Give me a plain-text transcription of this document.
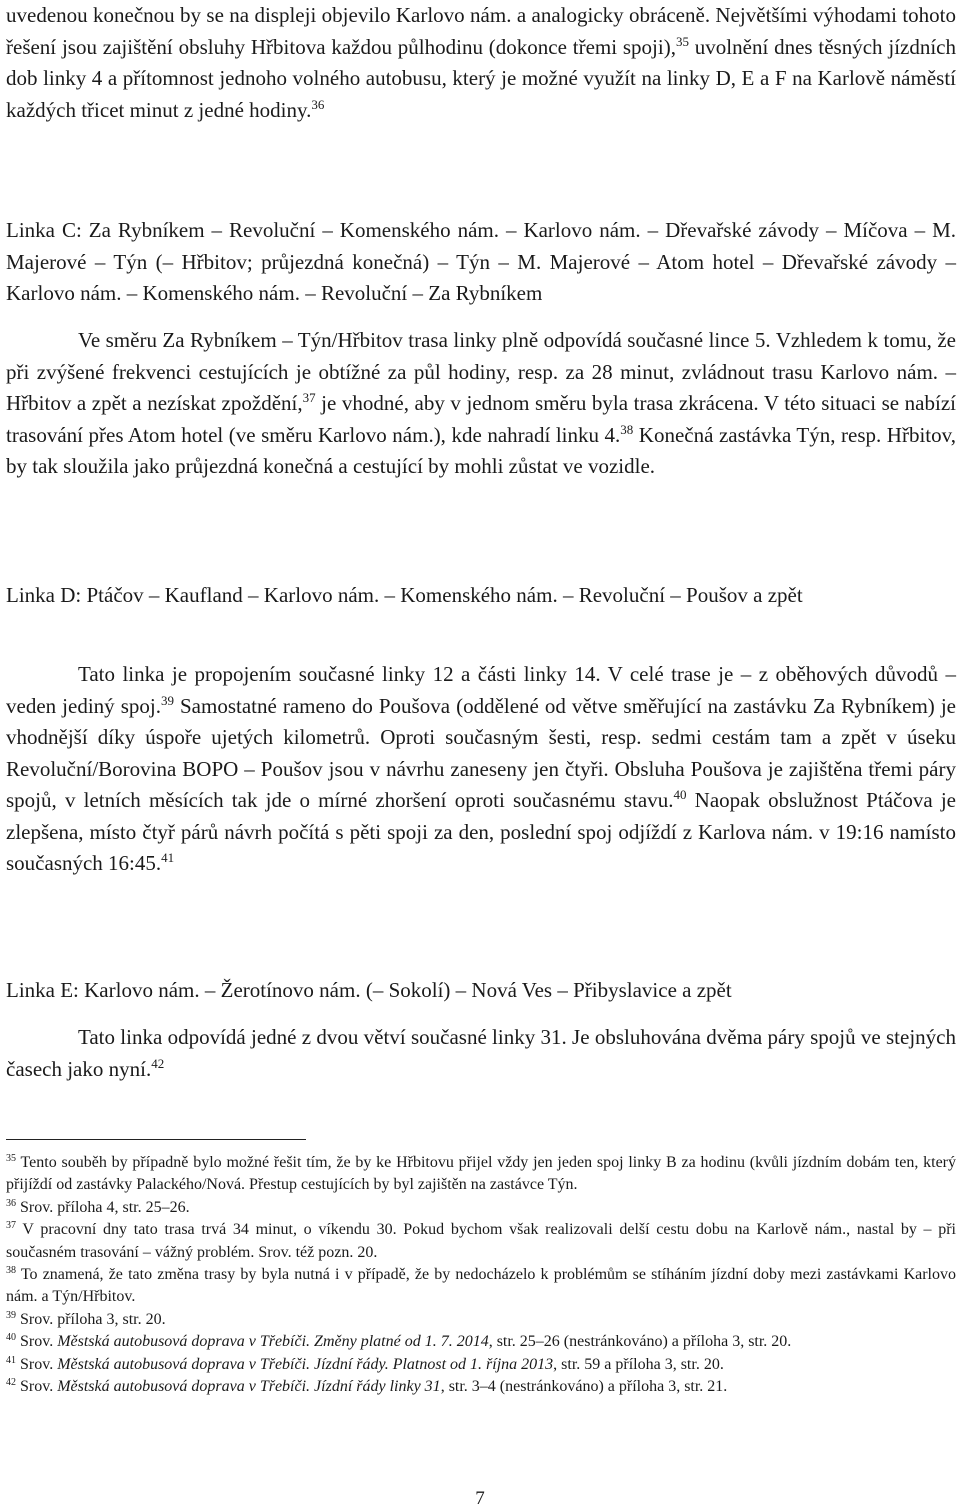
uvedenou konečnou by se na displeji objevilo Karlovo nám. a analogicky obráceně. Největšími výhodami tohoto řešení jsou zajištění obsluhy Hřbitova každou půlhodinu (dokonce třemi spoji),$^{35}$ uvolnění dnes těsných jízdních dob linky 4 a přítomnost jednoho volného autobusu, který je možné využít na linky D, E a F na Karlově náměstí každých třicet minut z jedné hodiny.$^{36}$

Linka C: Za Rybníkem – Revoluční – Komenského nám. – Karlovo nám. – Dřevařské závody – Míčova – M. Majerové – Týn (– Hřbitov; průjezdná konečná) – Týn – M. Majerové – Atom hotel – Dřevařské závody – Karlovo nám. – Komenského nám. – Revoluční – Za Rybníkem

Ve směru Za Rybníkem – Týn/Hřbitov trasa linky plně odpovídá současné lince 5. Vzhledem k tomu, že při zvýšené frekvenci cestujících je obtížné za půl hodiny, resp. za 28 minut, zvládnout trasu Karlovo nám. – Hřbitov a zpět a nezískat zpoždění,$^{37}$ je vhodné, aby v jednom směru byla trasa zkrácena. V této situaci se nabízí trasování přes Atom hotel (ve směru Karlovo nám.), kde nahradí linku 4.38 Konečná zastávka Týn, resp. Hřbitov, by tak sloužila jako průjezdná konečná a cestující by mohli zůstat ve vozidle.

Linka D: Ptáčov – Kaufland – Karlovo nám. – Komenského nám. – Revoluční – Poušov a zpět

Tato linka je propojením současné linky 12 a části linky 14. V celé trase je – z oběhových důvodů – veden jediný spoj.$^{39}$ Samostatné rameno do Poušova (oddělené od větve směřující na zastávku Za Rybníkem) je vhodnější díky úspoře ujetých kilometrů. Oproti současným šesti, resp. sedmi cestám tam a zpět v úseku Revoluční/Borovina BOPO – Poušov jsou v návrhu zaneseny jen čtyři. Obsluha Poušova je zajištěna třemi páry spojů, v letních měsících tak jde o mírné zhoršení oproti současnému stavu.$^{40}$ Naopak obslužnost Ptáčova je zlepšena, místo čtyř párů návrh počítá s pěti spoji za den, poslední spoj odjíždí z Karlova nám. v 19:16 namísto současných 16:45.41

Linka E: Karlovo nám. – Žerotínovo nám. (– Sokolí) – Nová Ves – Přibyslavice a zpět

Tato linka odpovídá jedné z dvou větví současné linky 31. Je obsluhována dvěma páry spojů ve stejných časech jako nyní.$^{42}$

$^{35}$ Tento souběh by případně bylo možné řešit tím, že by ke Hřbitovu přijel vždy jen jeden spoj linky B za hodinu (kvůli jízdním dobám ten, který přijíždí od zastávky Palackého/Nová. Přestup cestujících by byl zajištěn na zastávce Týn.

$^{36}$ Srov. příloha 4, str. 25–26.

$^{37}$ V pracovní dny tato trasa trvá 34 minut, o víkendu 30. Pokud bychom však realizovali delší cestu dobu na Karlově nám., nastal by – při současném trasování – vážný problém. Srov. též pozn. 20.

$^{38}$ To znamená, že tato změna trasy by byla nutná i v případě, že by nedocházelo k problémům se stíháním jízdní doby mezi zastávkami Karlovo nám. a Týn/Hřbitov.

$^{39}$ Srov. příloha 3, str. 20.

$^{40}$ Srov. Městská autobusová doprava v Třebíči. Změny platné od 1. 7. 2014, str. 25–26 (nestránkováno) a příloha 3, str. 20.

$^{41}$ Srov. Městská autobusová doprava v Třebíči. Jízdní řády. Platnost od 1. října 2013, str. 59 a příloha 3, str. 20.

$^{42}$ Srov. Městská autobusová doprava v Třebíči. Jízdní řády linky 31, str. 3–4 (nestránkováno) a příloha 3, str. 21.

7
